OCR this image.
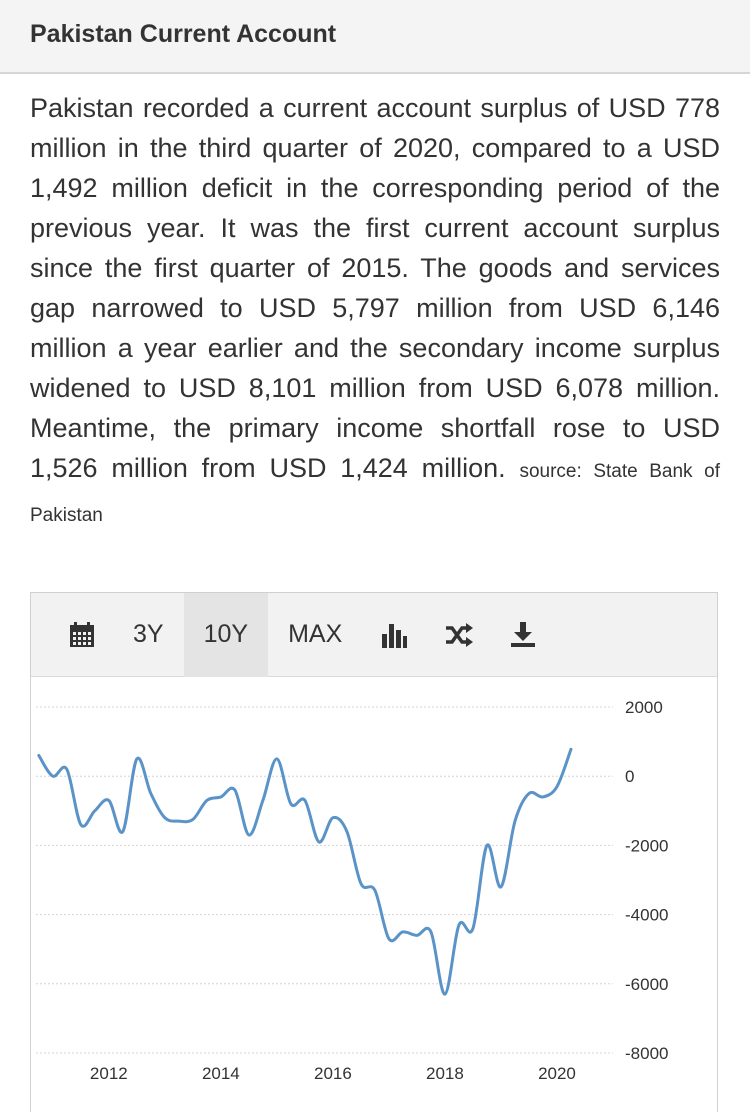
Pakistan Current Account
Pakistan recorded a current account surplus of USD 778 million in the third quarter of 2020, compared to a USD 1,492 million deficit in the corresponding period of the previous year. It was the first current account surplus since the first quarter of 2015. The goods and services gap narrowed to USD 5,797 million from USD 6,146 million a year earlier and the secondary income surplus widened to USD 8,101 million from USD 6,078 million. Meantime, the primary income shortfall rose to USD 1,526 million from USD 1,424 million. source: State Bank of Pakistan
3Y	10Y	MAX
2000
0
-2000
-4000
-6000
-8000
2012	2014	2016	2018	2020
